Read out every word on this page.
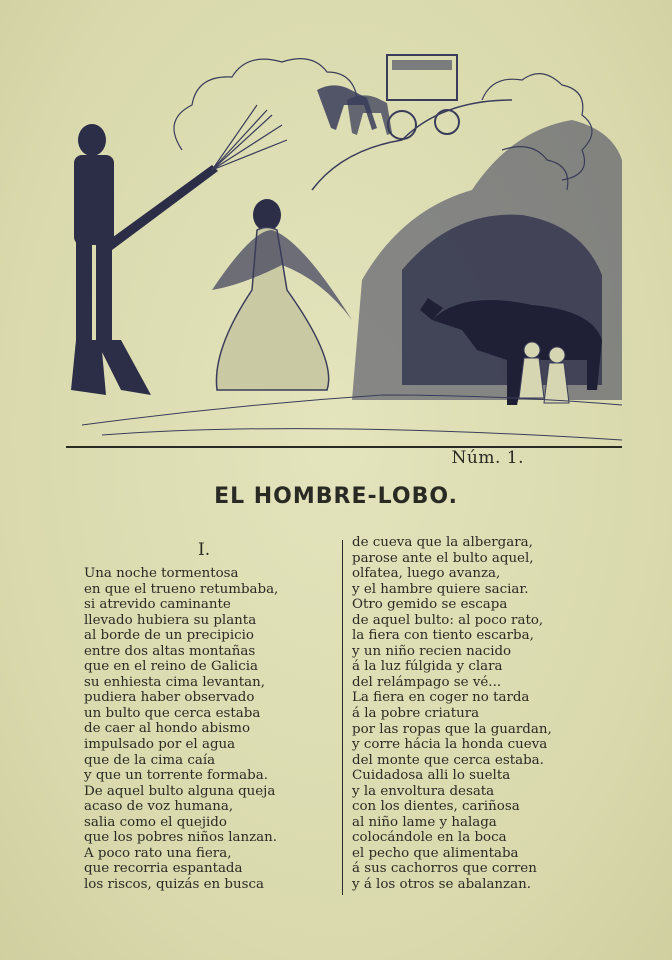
Núm. 1.
EL HOMBRE-LOBO.
I.
Una noche tormentosa
en que el trueno retumbaba,
si atrevido caminante
llevado hubiera su planta
al borde de un precipicio
entre dos altas montañas
que en el reino de Galicia
su enhiesta cima levantan,
pudiera haber observado
un bulto que cerca estaba
de caer al hondo abismo
impulsado por el agua
que de la cima caía
y que un torrente formaba.
De aquel bulto alguna queja
acaso de voz humana,
salia como el quejido
que los pobres niños lanzan.
A poco rato una fiera,
que recorria espantada
los riscos, quizás en busca
de cueva que la albergara,
parose ante el bulto aquel,
olfatea, luego avanza,
y el hambre quiere saciar.
Otro gemido se escapa
de aquel bulto: al poco rato,
la fiera con tiento escarba,
y un niño recien nacido
á la luz fúlgida y clara
del relámpago se vé...
La fiera en coger no tarda
á la pobre criatura
por las ropas que la guardan,
y corre hácia la honda cueva
del monte que cerca estaba.
Cuidadosa alli lo suelta
y la envoltura desata
con los dientes, cariñosa
al niño lame y halaga
colocándole en la boca
el pecho que alimentaba
á sus cachorros que corren
y á los otros se abalanzan.
